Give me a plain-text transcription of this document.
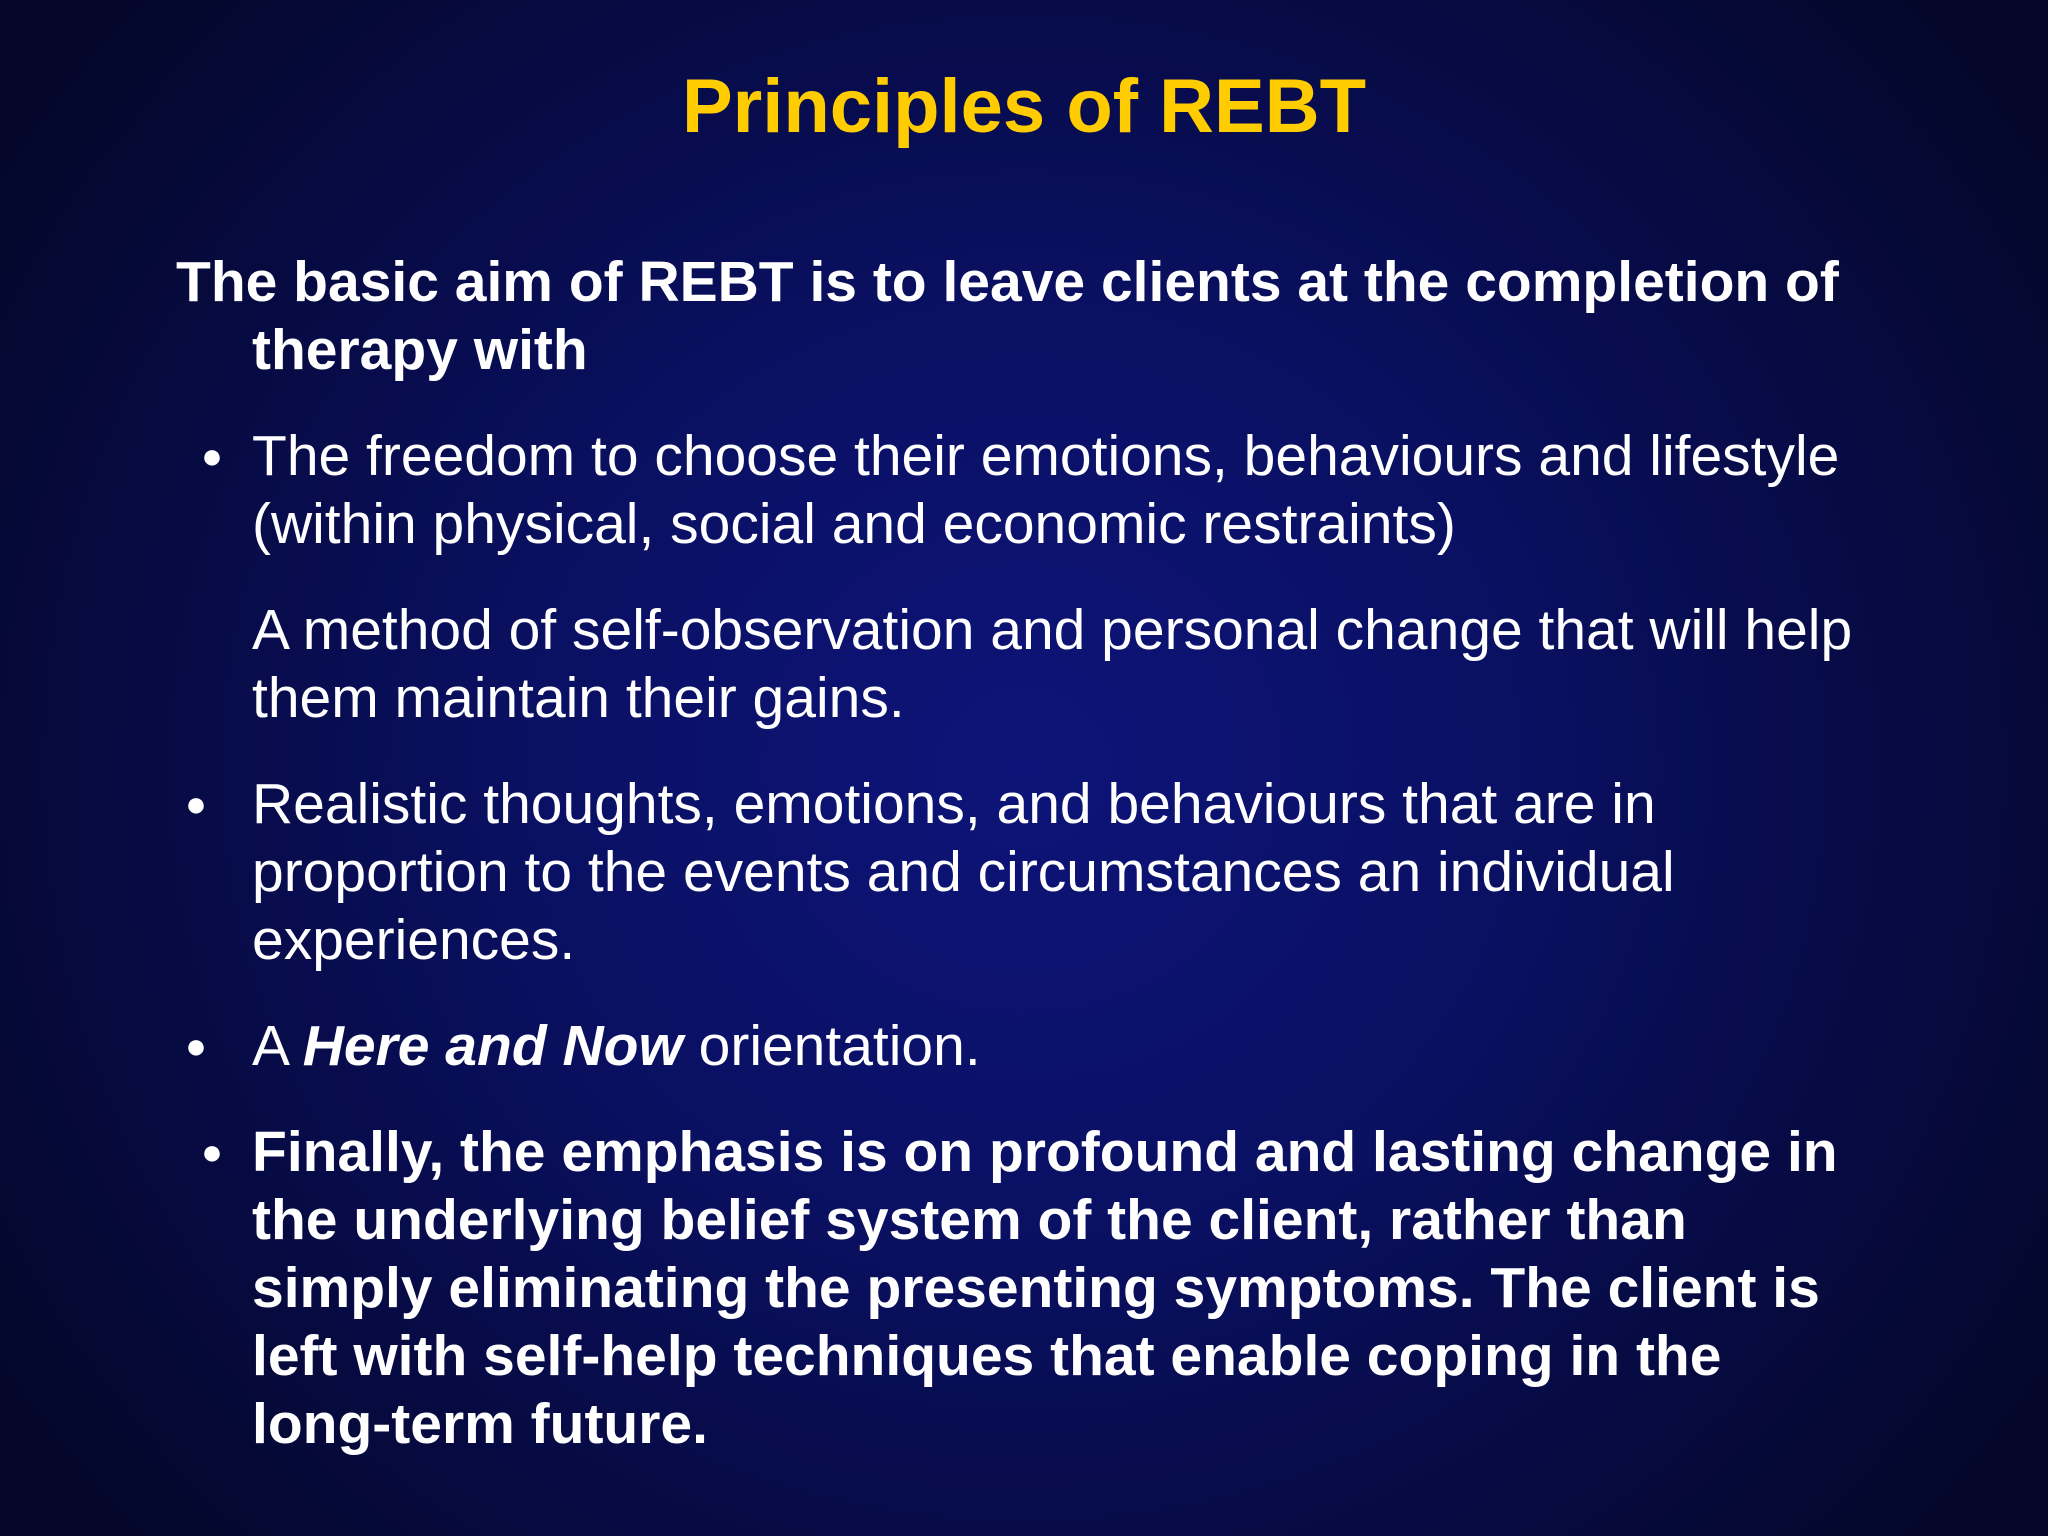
Principles of REBT

The basic aim of REBT is to leave clients at the completion of therapy with

● The freedom to choose their emotions, behaviours and lifestyle (within physical, social and economic restraints)
A method of self-observation and personal change that will help them maintain their gains.
● Realistic thoughts, emotions, and behaviours that are in proportion to the events and circumstances an individual experiences.
● A Here and Now orientation.
● Finally, the emphasis is on profound and lasting change in the underlying belief system of the client, rather than simply eliminating the presenting symptoms. The client is left with self-help techniques that enable coping in the long-term future.
